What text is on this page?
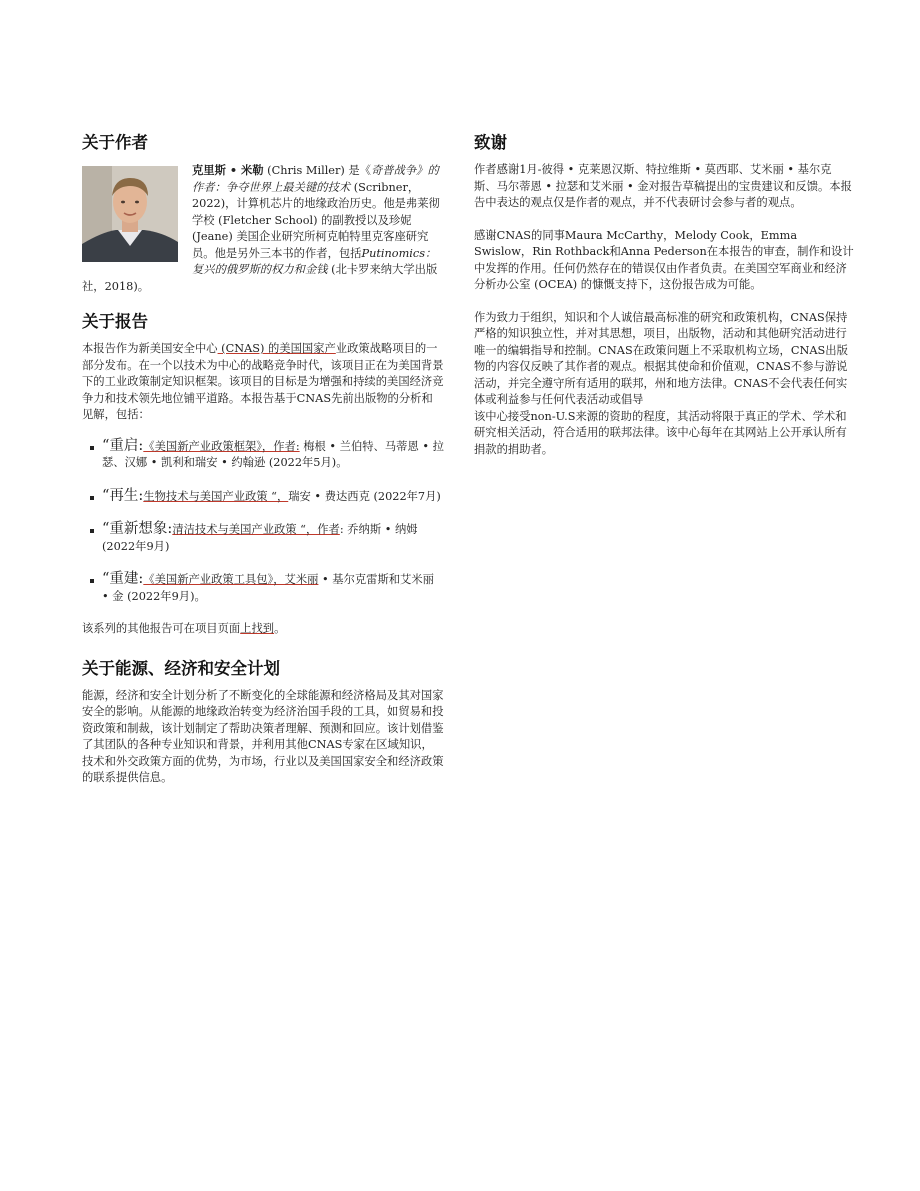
关于作者

克里斯 • 米勒 (Chris Miller) 是《奇普战争》的作者：争夺世界上最关键的技术 (Scribner，2022)，计算机芯片的地缘政治历史。他是弗莱彻学校 (Fletcher School) 的副教授以及珍妮 (Jeane) 美国企业研究所柯克帕特里克客座研究员。他是另外三本书的作者，包括Putinomics：复兴的俄罗斯的权力和金钱 (北卡罗来纳大学出版社，2018)。

关于报告

本报告作为新美国安全中心 (CNAS) 的美国国家产业政策战略项目的一部分发布。在一个以技术为中心的战略竞争时代，该项目正在为美国背景下的工业政策制定知识框架。该项目的目标是为增强和持续的美国经济竞争力和技术领先地位铺平道路。本报告基于CNAS先前出版物的分析和见解，包括：

“重启:《美国新产业政策框架》，作者: 梅根 • 兰伯特、马蒂恩 • 拉瑟、汉娜 • 凯利和瑞安 • 约翰逊 (2022年5月)。
“再生:生物技术与美国产业政策 “，瑞安 • 费达西克 (2022年7月)
“重新想象:清洁技术与美国产业政策 “，作者: 乔纳斯 • 纳姆 (2022年9月)
“重建:《美国新产业政策工具包》，艾米丽 • 基尔克雷斯和艾米丽 • 金 (2022年9月)。

该系列的其他报告可在项目页面上找到。

关于能源、经济和安全计划

能源，经济和安全计划分析了不断变化的全球能源和经济格局及其对国家安全的影响。从能源的地缘政治转变为经济治国手段的工具，如贸易和投资政策和制裁，该计划制定了帮助决策者理解、预测和回应。该计划借鉴了其团队的各种专业知识和背景，并利用其他CNAS专家在区域知识，技术和外交政策方面的优势，为市场，行业以及美国国家安全和经济政策的联系提供信息。

致谢

作者感谢1月-彼得 • 克莱恩汉斯、特拉维斯 • 莫西耶、艾米丽 • 基尔克斯、马尔蒂恩 • 拉瑟和艾米丽 • 金对报告草稿提出的宝贵建议和反馈。本报告中表达的观点仅是作者的观点，并不代表研讨会参与者的观点。

感谢CNAS的同事Maura McCarthy，Melody Cook，Emma Swislow，Rin Rothback和Anna Pederson在本报告的审查，制作和设计中发挥的作用。任何仍然存在的错误仅由作者负责。在美国空军商业和经济分析办公室 (OCEA) 的慷慨支持下，这份报告成为可能。

作为致力于组织，知识和个人诚信最高标准的研究和政策机构，CNAS保持严格的知识独立性，并对其思想，项目，出版物，活动和其他研究活动进行唯一的编辑指导和控制。CNAS在政策问题上不采取机构立场，CNAS出版物的内容仅反映了其作者的观点。根据其使命和价值观，CNAS不参与游说活动，并完全遵守所有适用的联邦，州和地方法律。CNAS不会代表任何实体或利益参与任何代表活动或倡导

该中心接受non-U.S来源的资助的程度，其活动将限于真正的学术、学术和研究相关活动，符合适用的联邦法律。该中心每年在其网站上公开承认所有捐款的捐助者。
